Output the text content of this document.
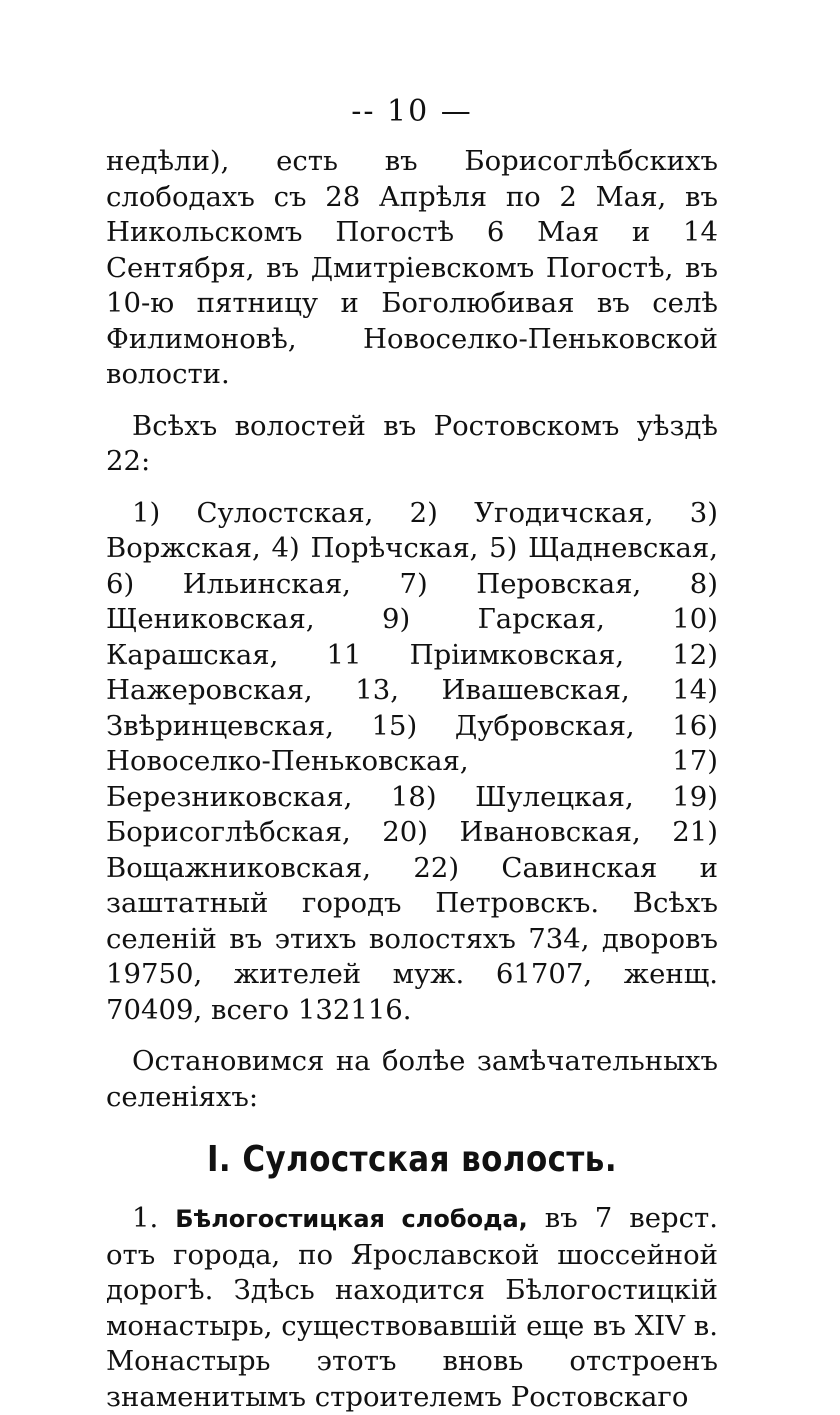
-- 10 —

недѣли), есть въ Борисоглѣбскихъ слободахъ съ 28 Апрѣля по 2 Мая, въ Никольскомъ Погостѣ 6 Мая и 14 Сентября, въ Дмитріевскомъ Погостѣ, въ 10-ю пятницу и Боголюбивая въ селѣ Филимоновѣ, Новоселко-Пеньковской волости.

Всѣхъ волостей въ Ростовскомъ уѣздѣ 22:

1) Сулостская, 2) Угодичская, 3) Воржская, 4) Порѣчская, 5) Щадневская, 6) Ильинская, 7) Перовская, 8) Щениковская, 9) Гарская, 10) Карашская, 11 Пріимковская, 12) Нажеровская, 13, Ивашевская, 14) Звѣринцевская, 15) Дубровская, 16) Новоселко-Пеньковская, 17) Березниковская, 18) Шулецкая, 19) Борисоглѣбская, 20) Ивановская, 21) Вощажниковская, 22) Савинская и заштатный городъ Петровскъ. Всѣхъ селеній въ этихъ волостяхъ 734, дворовъ 19750, жителей муж. 61707, женщ. 70409, всего 132116.

Остановимся на болѣе замѣчательныхъ селеніяхъ:

I. Сулостская волость.

1. Бѣлогостицкая слобода, въ 7 верст. отъ города, по Ярославской шоссейной дорогѣ. Здѣсь находится Бѣлогостицкій монастырь, существовавшій еще въ XIV в. Монастырь этотъ вновь отстроенъ знаменитымъ строителемъ Ростовскаго
